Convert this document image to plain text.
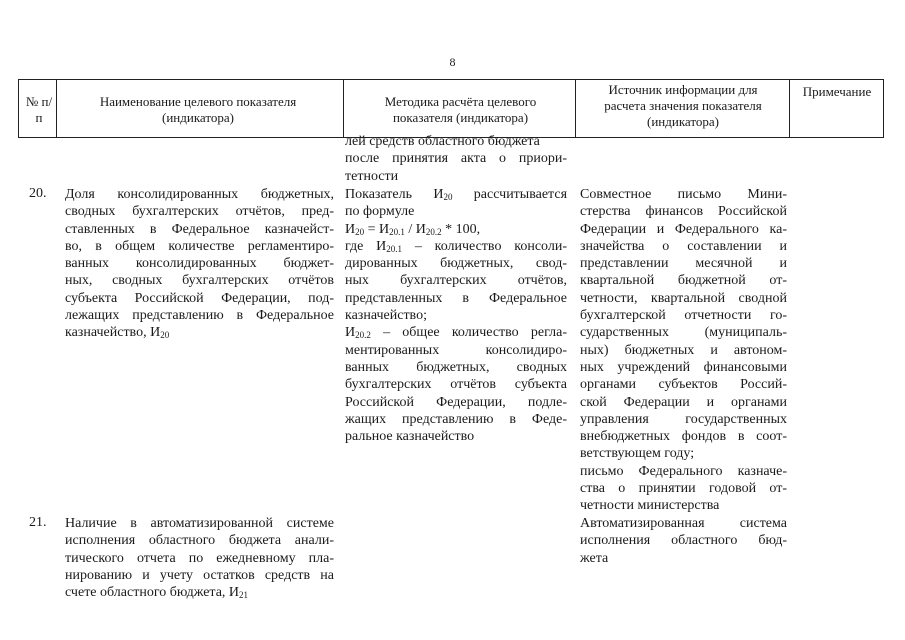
8
№ п/п
Наименование целевого показателя (индикатора)
Методика расчёта целевого показателя (индикатора)
Источник информации для расчета значения показателя (индикатора)
Примечание
лей средств областного бюджета
после принятия акта о приори-
тетности
20. Доля консолидированных бюджетных,
сводных бухгалтерских отчётов, пред-
ставленных в Федеральное казначейст-
во, в общем количестве регламентиро-
ванных консолидированных бюджет-
ных, сводных бухгалтерских отчётов
субъекта Российской Федерации, под-
лежащих представлению в Федеральное
казначейство, $И_{20}$
Показатель $И_{20}$ рассчитывается
по формуле
$И_{20} = И_{20.1} / И_{20.2} * 100$,
где $И_{20.1}$ – количество консоли-
дированных бюджетных, свод-
ных бухгалтерских отчётов,
представленных в Федеральное
казначейство;
$И_{20.2}$ – общее количество регла-
ментированных консолидиро-
ванных бюджетных, сводных
бухгалтерских отчётов субъекта
Российской Федерации, подле-
жащих представлению в Феде-
ральное казначейство
Совместное письмо Мини-
стерства финансов Российской
Федерации и Федерального ка-
значейства о составлении и
представлении месячной и
квартальной бюджетной от-
четности, квартальной сводной
бухгалтерской отчетности го-
сударственных (муниципаль-
ных) бюджетных и автоном-
ных учреждений финансовыми
органами субъектов Россий-
ской Федерации и органами
управления государственных
внебюджетных фондов в соот-
ветствующем году;
письмо Федерального казначе-
ства о принятии годовой от-
четности министерства
21. Наличие в автоматизированной системе
исполнения областного бюджета анали-
тического отчета по ежедневному пла-
нированию и учету остатков средств на
счете областного бюджета, $И_{21}$
Автоматизированная система
исполнения областного бюд-
жета
